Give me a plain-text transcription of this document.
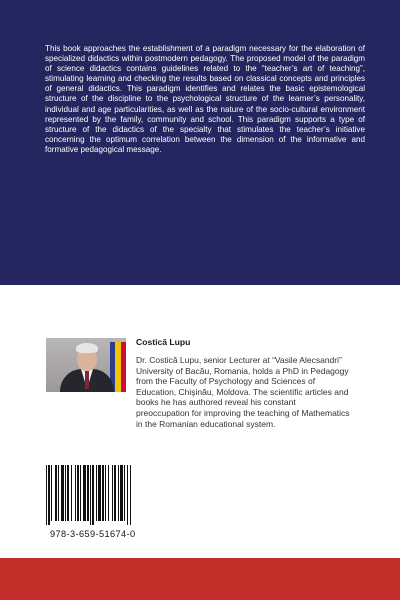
This book approaches the establishment of a paradigm necessary for the elaboration of specialized didactics within postmodern pedagogy. The proposed model of the paradigm of science didactics contains guidelines related to the “teacher’s art of teaching”, stimulating learning and checking the results based on classical concepts and principles of general didactics. This paradigm identifies and relates the basic epistemological structure of the discipline to the psychological structure of the learner’s personality, individual and age particularities, as well as the nature of the socio-cultural environment represented by the family, community and school. This paradigm supports a type of structure of the didactics of the specialty that stimulates the teacher’s initiative concerning the optimum correlation between the dimension of the informative and formative pedagogical message.

Costică Lupu

Dr. Costică Lupu, senior Lecturer at “Vasile Alecsandri” University of Bacău, Romania, holds a PhD in Pedagogy from the Faculty of Psychology and Sciences of Education, Chişinău, Moldova. The scientific articles and books he has authored reveal his constant preoccupation for improving the teaching of Mathematics in the Romanian educational system.

978-3-659-51674-0
